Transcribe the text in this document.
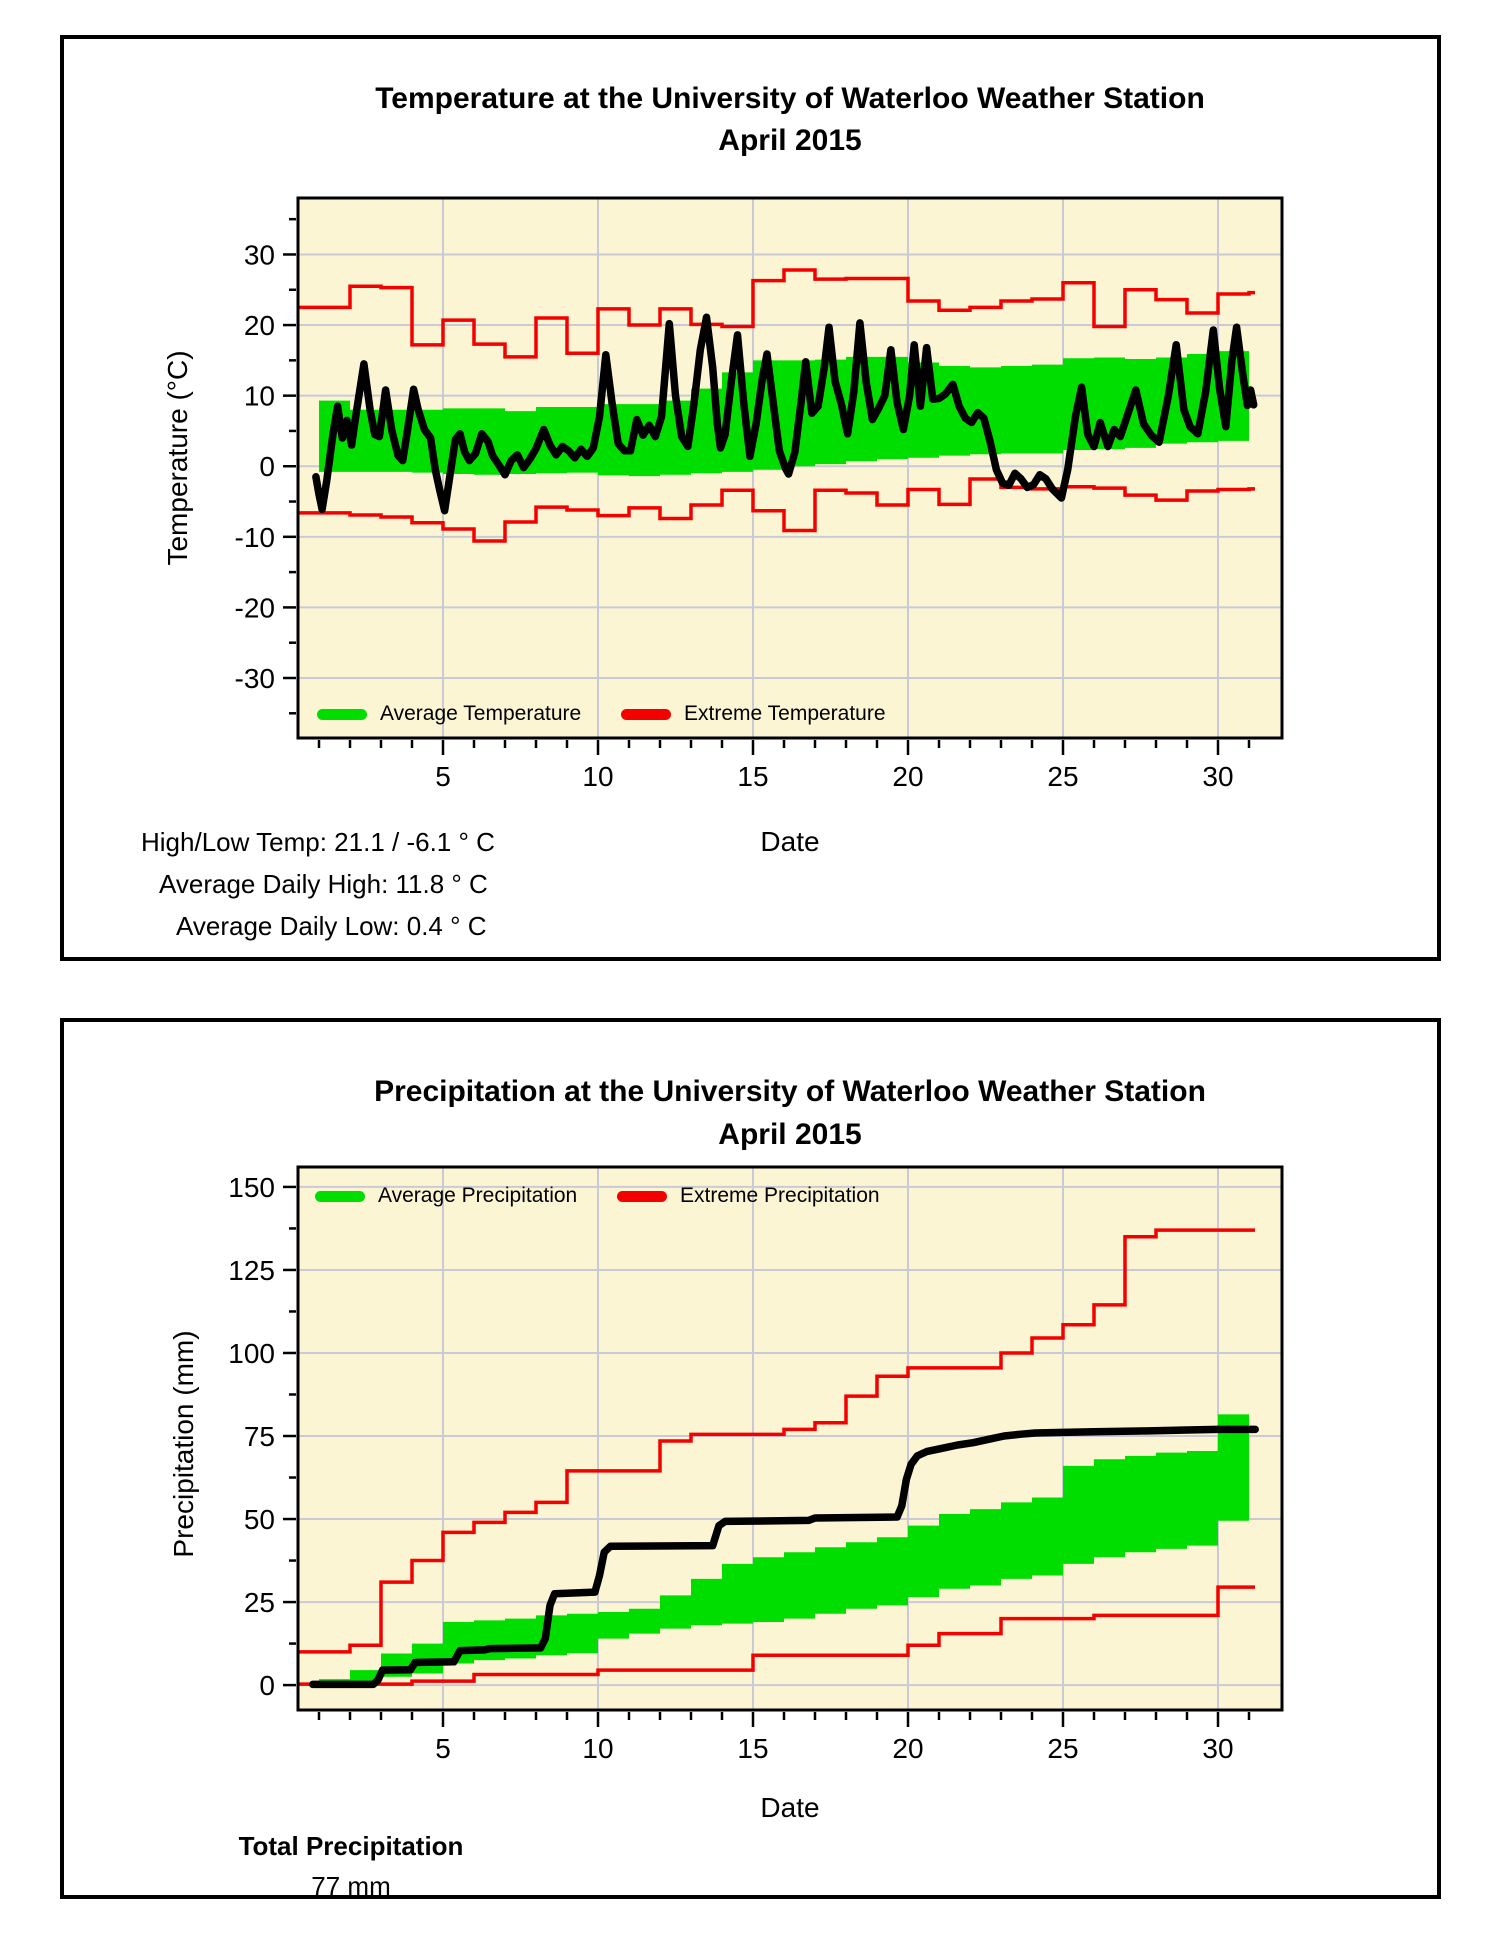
5	10	15	20	25	30
-30
-20
-10
0
10
20
30
5	10	15	20	25	30
0
25
50
75
100
125
150
Temperature at the University of Waterloo Weather Station
April 2015
Temperature (°C)
Date
Average Temperature	Extreme Temperature
High/Low Temp: 21.1 / -6.1 ° C
Average Daily High: 11.8 ° C
Average Daily Low: 0.4 ° C
Precipitation at the University of Waterloo Weather Station
April 2015
Precipitation (mm)
Date
Average Precipitation	Extreme Precipitation
Total Precipitation
77 mm
